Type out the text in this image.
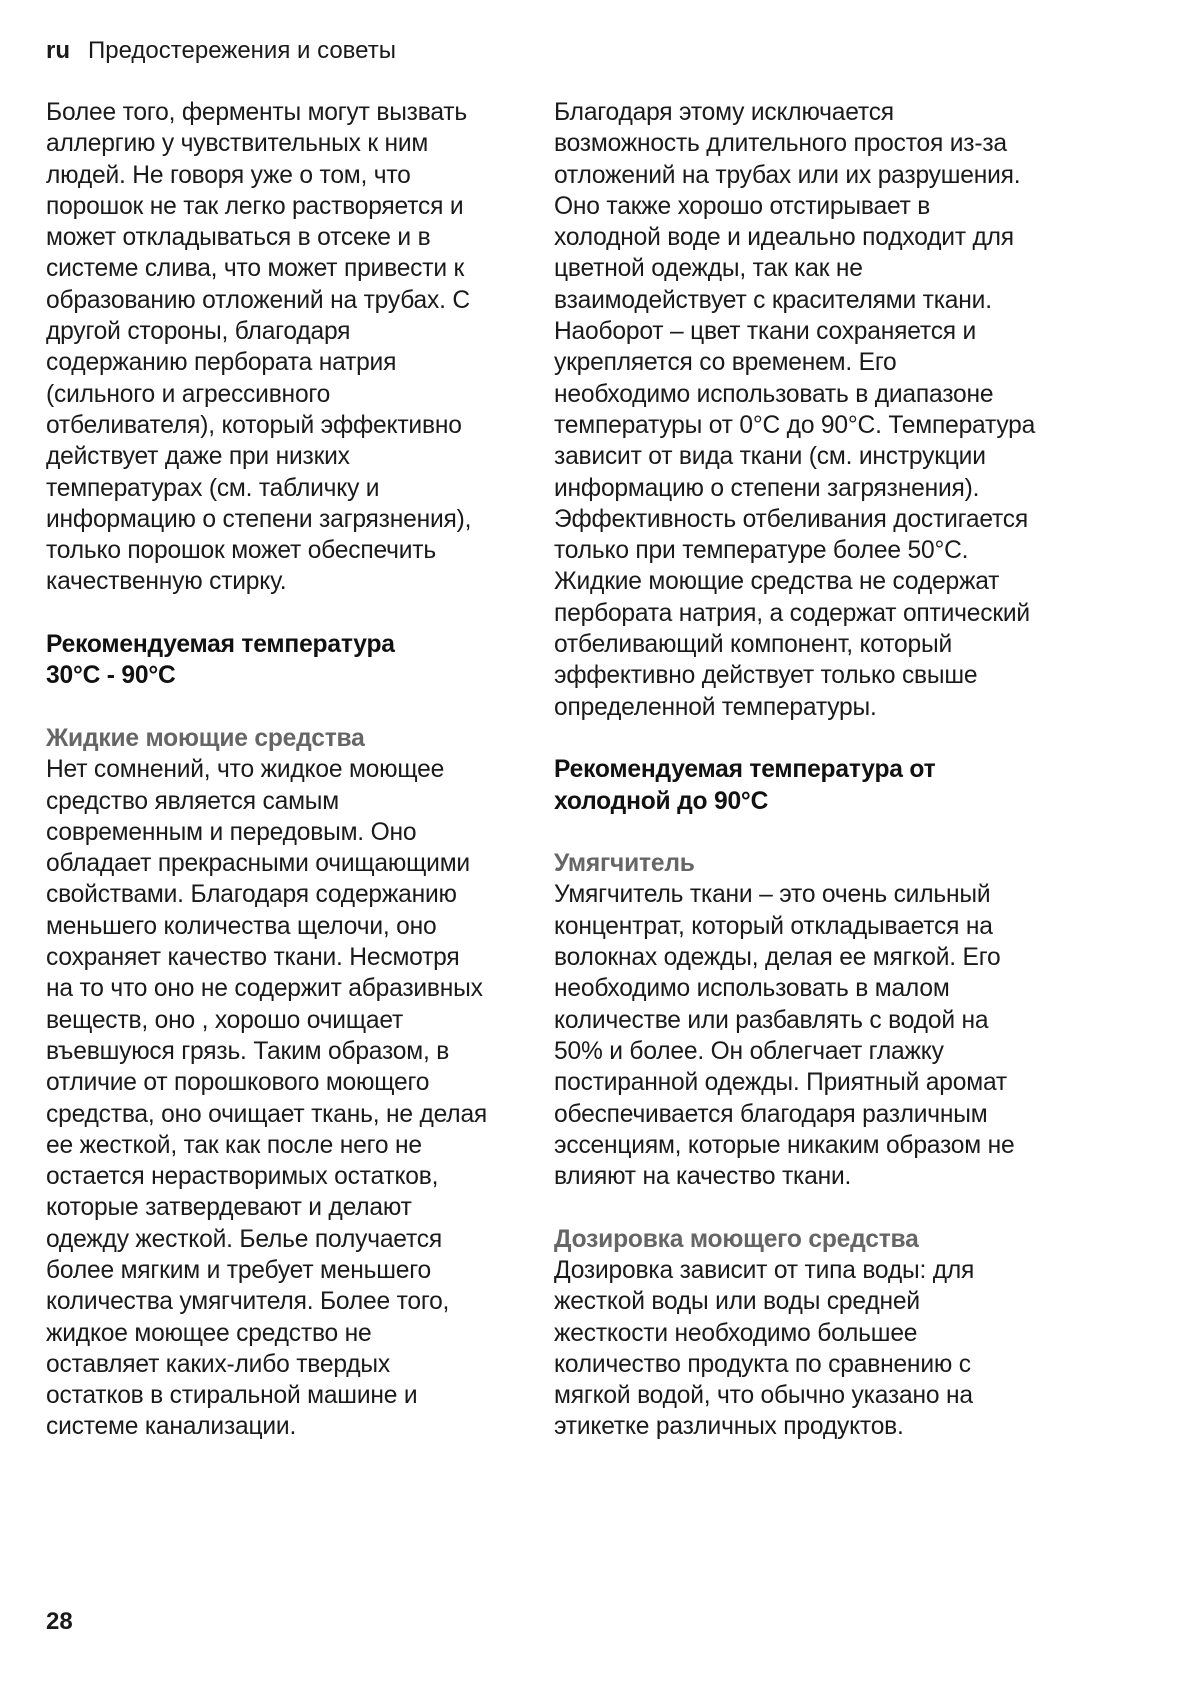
ru Предостережения и советы
Более того, ферменты могут вызвать
аллергию у чувствительных к ним
людей. Не говоря уже о том, что
порошок не так легко растворяется и
может откладываться в отсеке и в
системе слива, что может привести к
образованию отложений на трубах. С
другой стороны, благодаря
содержанию пербората натрия
(сильного и агрессивного
отбеливателя), который эффективно
действует даже при низких
температурах (см. табличку и
информацию о степени загрязнения),
только порошок может обеспечить
качественную стирку.
Рекомендуемая температура
30°C - 90°C
Жидкие моющие средства
Нет сомнений, что жидкое моющее
средство является самым
современным и передовым. Оно
обладает прекрасными очищающими
свойствами. Благодаря содержанию
меньшего количества щелочи, оно
сохраняет качество ткани. Несмотря
на то что оно не содержит абразивных
веществ, оно , хорошо очищает
въевшуюся грязь. Таким образом, в
отличие от порошкового моющего
средства, оно очищает ткань, не делая
ее жесткой, так как после него не
остается нерастворимых остатков,
которые затвердевают и делают
одежду жесткой. Белье получается
более мягким и требует меньшего
количества умягчителя. Более того,
жидкое моющее средство не
оставляет каких-либо твердых
остатков в стиральной машине и
системе канализации.
Благодаря этому исключается
возможность длительного простоя из-за
отложений на трубах или их разрушения.
Оно также хорошо отстирывает в
холодной воде и идеально подходит для
цветной одежды, так как не
взаимодействует с красителями ткани.
Наоборот – цвет ткани сохраняется и
укрепляется со временем. Его
необходимо использовать в диапазоне
температуры от 0°C до 90°C. Температура
зависит от вида ткани (см. инструкции
информацию о степени загрязнения).
Эффективность отбеливания достигается
только при температуре более 50°C.
Жидкие моющие средства не содержат
пербората натрия, а содержат оптический
отбеливающий компонент, который
эффективно действует только свыше
определенной температуры.
Рекомендуемая температура от
холодной до 90°C
Умягчитель
Умягчитель ткани – это очень сильный
концентрат, который откладывается на
волокнах одежды, делая ее мягкой. Его
необходимо использовать в малом
количестве или разбавлять с водой на
50% и более. Он облегчает глажку
постиранной одежды. Приятный аромат
обеспечивается благодаря различным
эссенциям, которые никаким образом не
влияют на качество ткани.
Дозировка моющего средства
Дозировка зависит от типа воды: для
жесткой воды или воды средней
жесткости необходимо большее
количество продукта по сравнению с
мягкой водой, что обычно указано на
этикетке различных продуктов.
28
